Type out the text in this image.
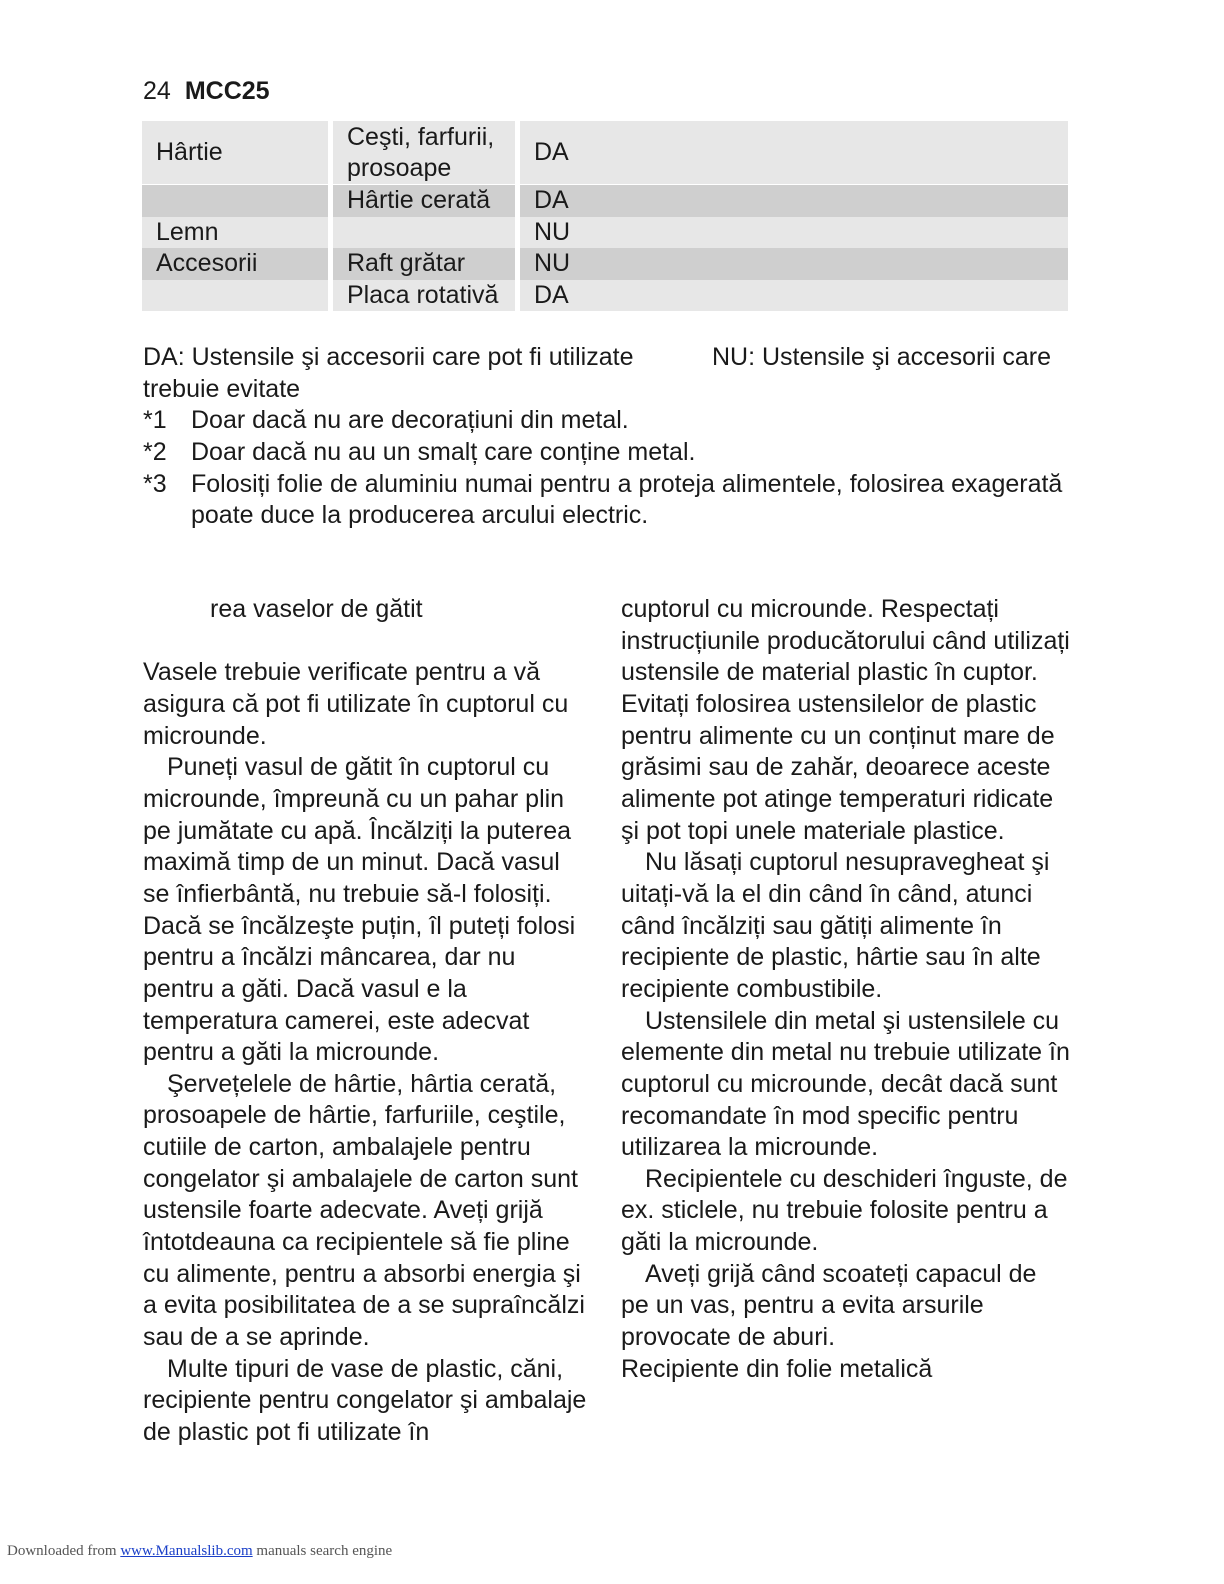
24 MCC25
Hârtie	Ceşti, farfurii, prosoape	DA
	Hârtie cerată	DA
Lemn		NU
Accesorii	Raft grătar	NU
	Placa rotativă	DA
DA: Ustensile şi accesorii care pot fi utilizate	NU: Ustensile şi accesorii care
trebuie evitate
*1 Doar dacă nu are decorațiuni din metal.
*2 Doar dacă nu au un smalț care conține metal.
*3 Folosiți folie de aluminiu numai pentru a proteja alimentele, folosirea exagerată poate duce la producerea arcului electric.

rea vaselor de gătit

Vasele trebuie verificate pentru a vă asigura că pot fi utilizate în cuptorul cu microunde.

Puneți vasul de gătit în cuptorul cu microunde, împreună cu un pahar plin pe jumătate cu apă. Încălziți la puterea maximă timp de un minut. Dacă vasul se înfierbântă, nu trebuie să-l folosiți. Dacă se încălzeşte puțin, îl puteți folosi pentru a încălzi mâncarea, dar nu pentru a găti. Dacă vasul e la temperatura camerei, este adecvat pentru a găti la microunde.

Şervețelele de hârtie, hârtia cerată, prosoapele de hârtie, farfuriile, ceştile, cutiile de carton, ambalajele pentru congelator şi ambalajele de carton sunt ustensile foarte adecvate. Aveți grijă întotdeauna ca recipientele să fie pline cu alimente, pentru a absorbi energia şi a evita posibilitatea de a se supraîncălzi sau de a se aprinde.

Multe tipuri de vase de plastic, căni, recipiente pentru congelator şi ambalaje de plastic pot fi utilizate în

cuptorul cu microunde. Respectați instrucțiunile producătorului când utilizați ustensile de material plastic în cuptor. Evitați folosirea ustensilelor de plastic pentru alimente cu un conținut mare de grăsimi sau de zahăr, deoarece aceste alimente pot atinge temperaturi ridicate şi pot topi unele materiale plastice.

Nu lăsați cuptorul nesupravegheat şi uitați-vă la el din când în când, atunci când încălziți sau gătiți alimente în recipiente de plastic, hârtie sau în alte recipiente combustibile.

Ustensilele din metal şi ustensilele cu elemente din metal nu trebuie utilizate în cuptorul cu microunde, decât dacă sunt recomandate în mod specific pentru utilizarea la microunde.

Recipientele cu deschideri înguste, de ex. sticlele, nu trebuie folosite pentru a găti la microunde.

Aveți grijă când scoateți capacul de pe un vas, pentru a evita arsurile provocate de aburi.

Recipiente din folie metalică

Downloaded from www.Manualslib.com manuals search engine
